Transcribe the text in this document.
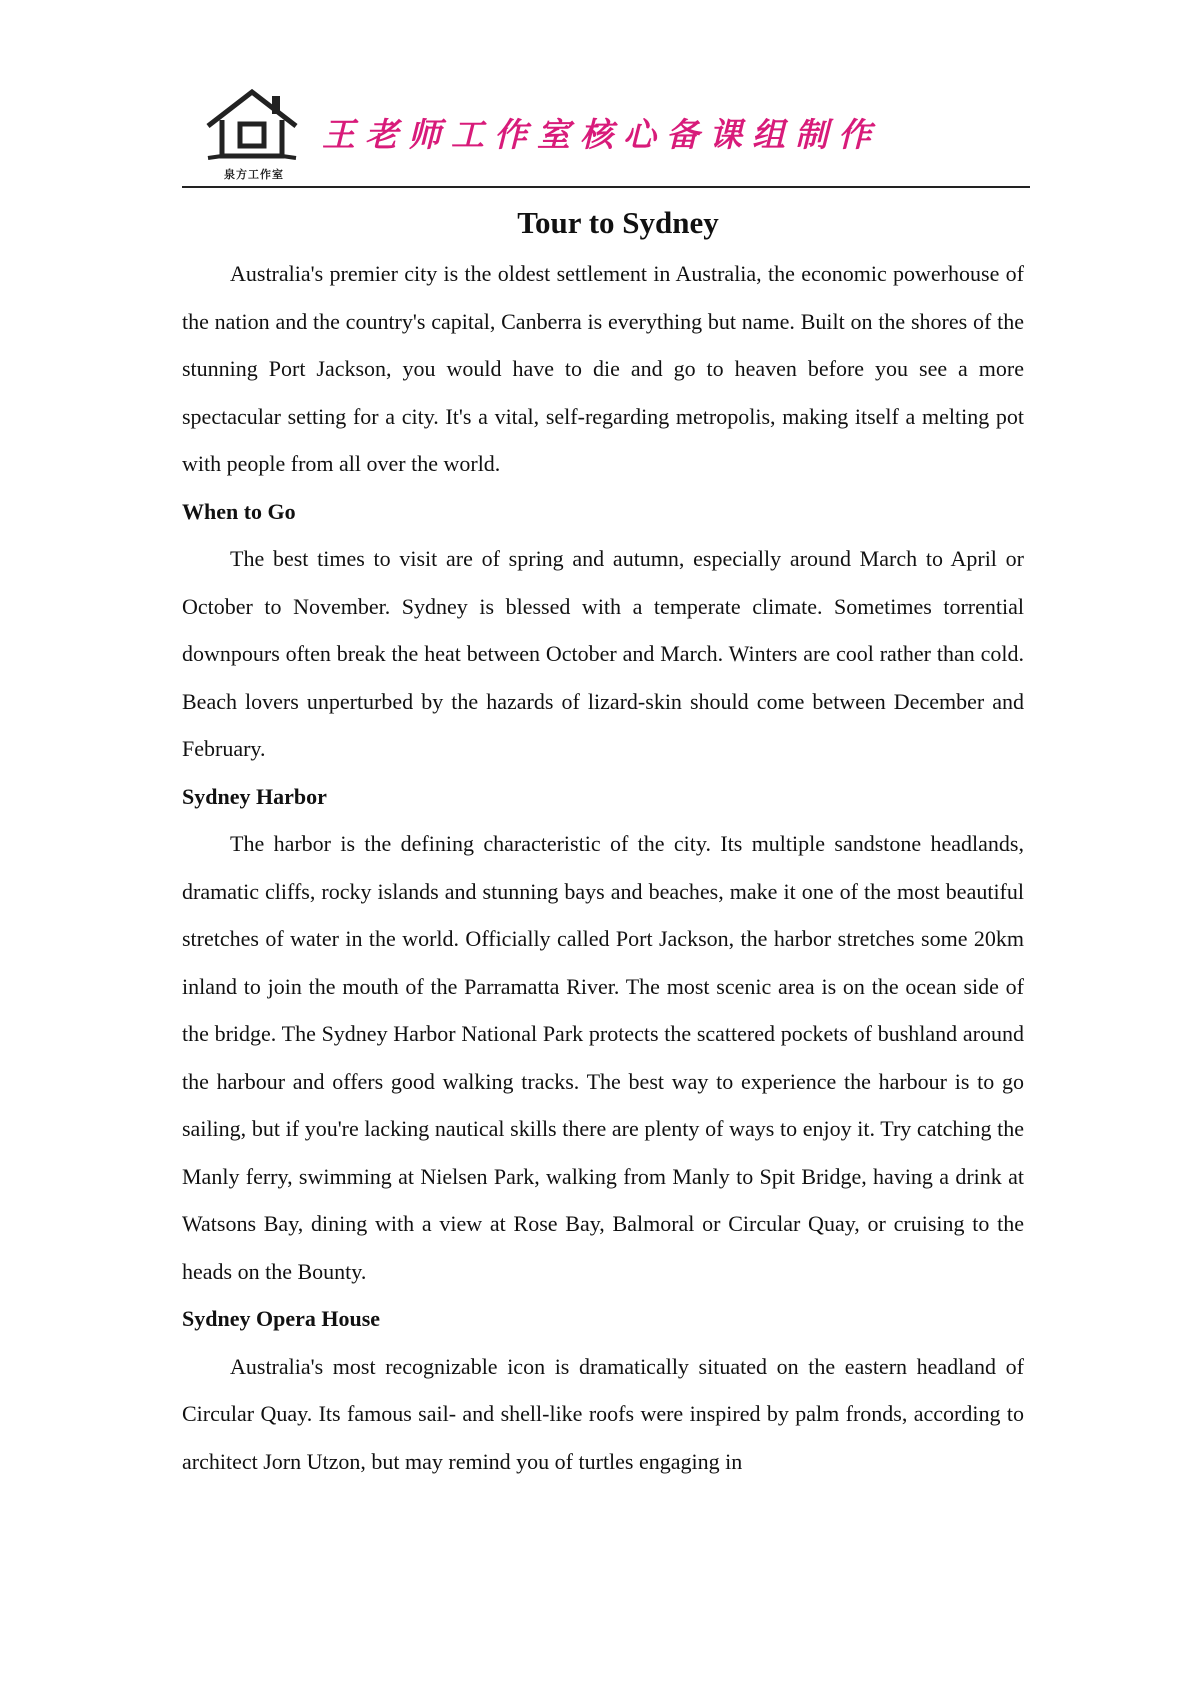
泉方工作室
王老师工作室核心备课组制作
Tour to Sydney

Australia's premier city is the oldest settlement in Australia, the economic powerhouse of the nation and the country's capital, Canberra is everything but name. Built on the shores of the stunning Port Jackson, you would have to die and go to heaven before you see a more spectacular setting for a city. It's a vital, self-regarding metropolis, making itself a melting pot with people from all over the world.

When to Go

The best times to visit are of spring and autumn, especially around March to April or October to November. Sydney is blessed with a temperate climate. Sometimes torrential downpours often break the heat between October and March. Winters are cool rather than cold. Beach lovers unperturbed by the hazards of lizard-skin should come between December and February.

Sydney Harbor

The harbor is the defining characteristic of the city. Its multiple sandstone headlands, dramatic cliffs, rocky islands and stunning bays and beaches, make it one of the most beautiful stretches of water in the world. Officially called Port Jackson, the harbor stretches some 20km inland to join the mouth of the Parramatta River. The most scenic area is on the ocean side of the bridge. The Sydney Harbor National Park protects the scattered pockets of bushland around the harbour and offers good walking tracks. The best way to experience the harbour is to go sailing, but if you're lacking nautical skills there are plenty of ways to enjoy it. Try catching the Manly ferry, swimming at Nielsen Park, walking from Manly to Spit Bridge, having a drink at Watsons Bay, dining with a view at Rose Bay, Balmoral or Circular Quay, or cruising to the heads on the Bounty.

Sydney Opera House

Australia's most recognizable icon is dramatically situated on the eastern headland of Circular Quay. Its famous sail- and shell-like roofs were inspired by palm fronds, according to architect Jorn Utzon, but may remind you of turtles engaging in
